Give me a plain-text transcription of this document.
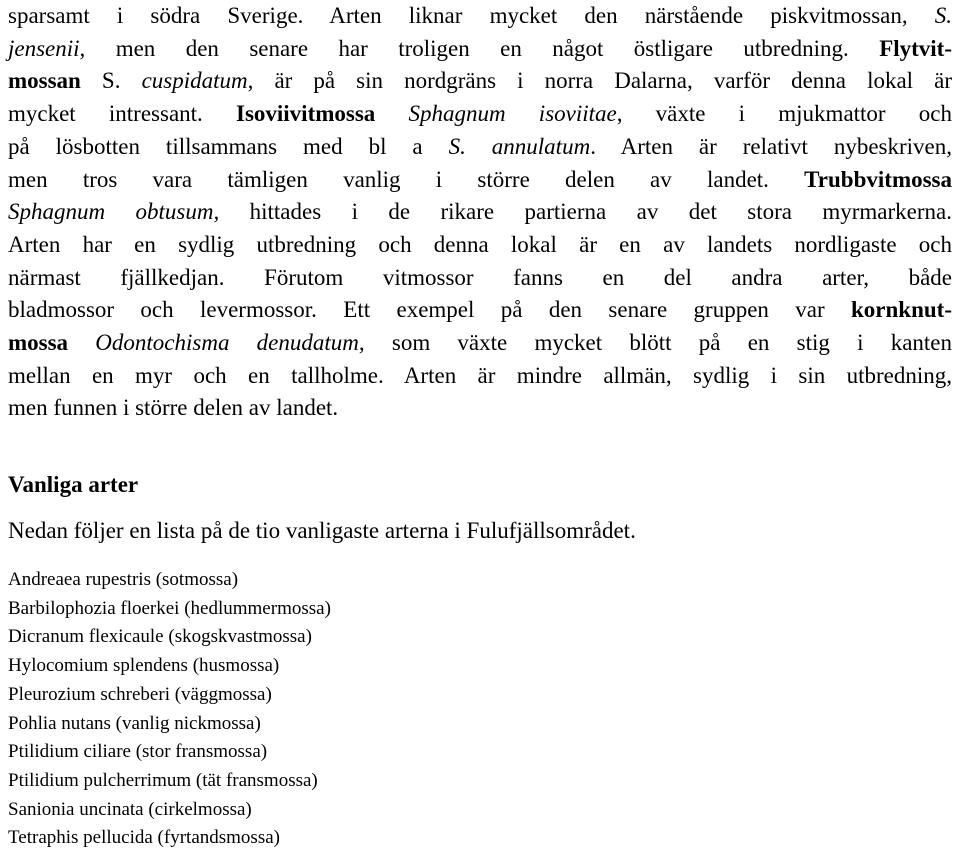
sparsamt i södra Sverige. Arten liknar mycket den närstående piskvitmossan, S.
jensenii, men den senare har troligen en något östligare utbredning. Flytvit-
mossan S. cuspidatum, är på sin nordgräns i norra Dalarna, varför denna lokal är
mycket intressant. Isoviivitmossa Sphagnum isoviitae, växte i mjukmattor och
på lösbotten tillsammans med bl a S. annulatum. Arten är relativt nybeskriven,
men tros vara tämligen vanlig i större delen av landet. Trubbvitmossa
Sphagnum obtusum, hittades i de rikare partierna av det stora myrmarkerna.
Arten har en sydlig utbredning och denna lokal är en av landets nordligaste och
närmast fjällkedjan. Förutom vitmossor fanns en del andra arter, både
bladmossor och levermossor. Ett exempel på den senare gruppen var kornknut-
mossa Odontochisma denudatum, som växte mycket blött på en stig i kanten
mellan en myr och en tallholme. Arten är mindre allmän, sydlig i sin utbredning,
men funnen i större delen av landet.
Vanliga arter
Nedan följer en lista på de tio vanligaste arterna i Fulufjällsområdet.
Andreaea rupestris (sotmossa)
Barbilophozia floerkei (hedlummermossa)
Dicranum flexicaule (skogskvastmossa)
Hylocomium splendens (husmossa)
Pleurozium schreberi (väggmossa)
Pohlia nutans (vanlig nickmossa)
Ptilidium ciliare (stor fransmossa)
Ptilidium pulcherrimum (tät fransmossa)
Sanionia uncinata (cirkelmossa)
Tetraphis pellucida (fyrtandsmossa)
